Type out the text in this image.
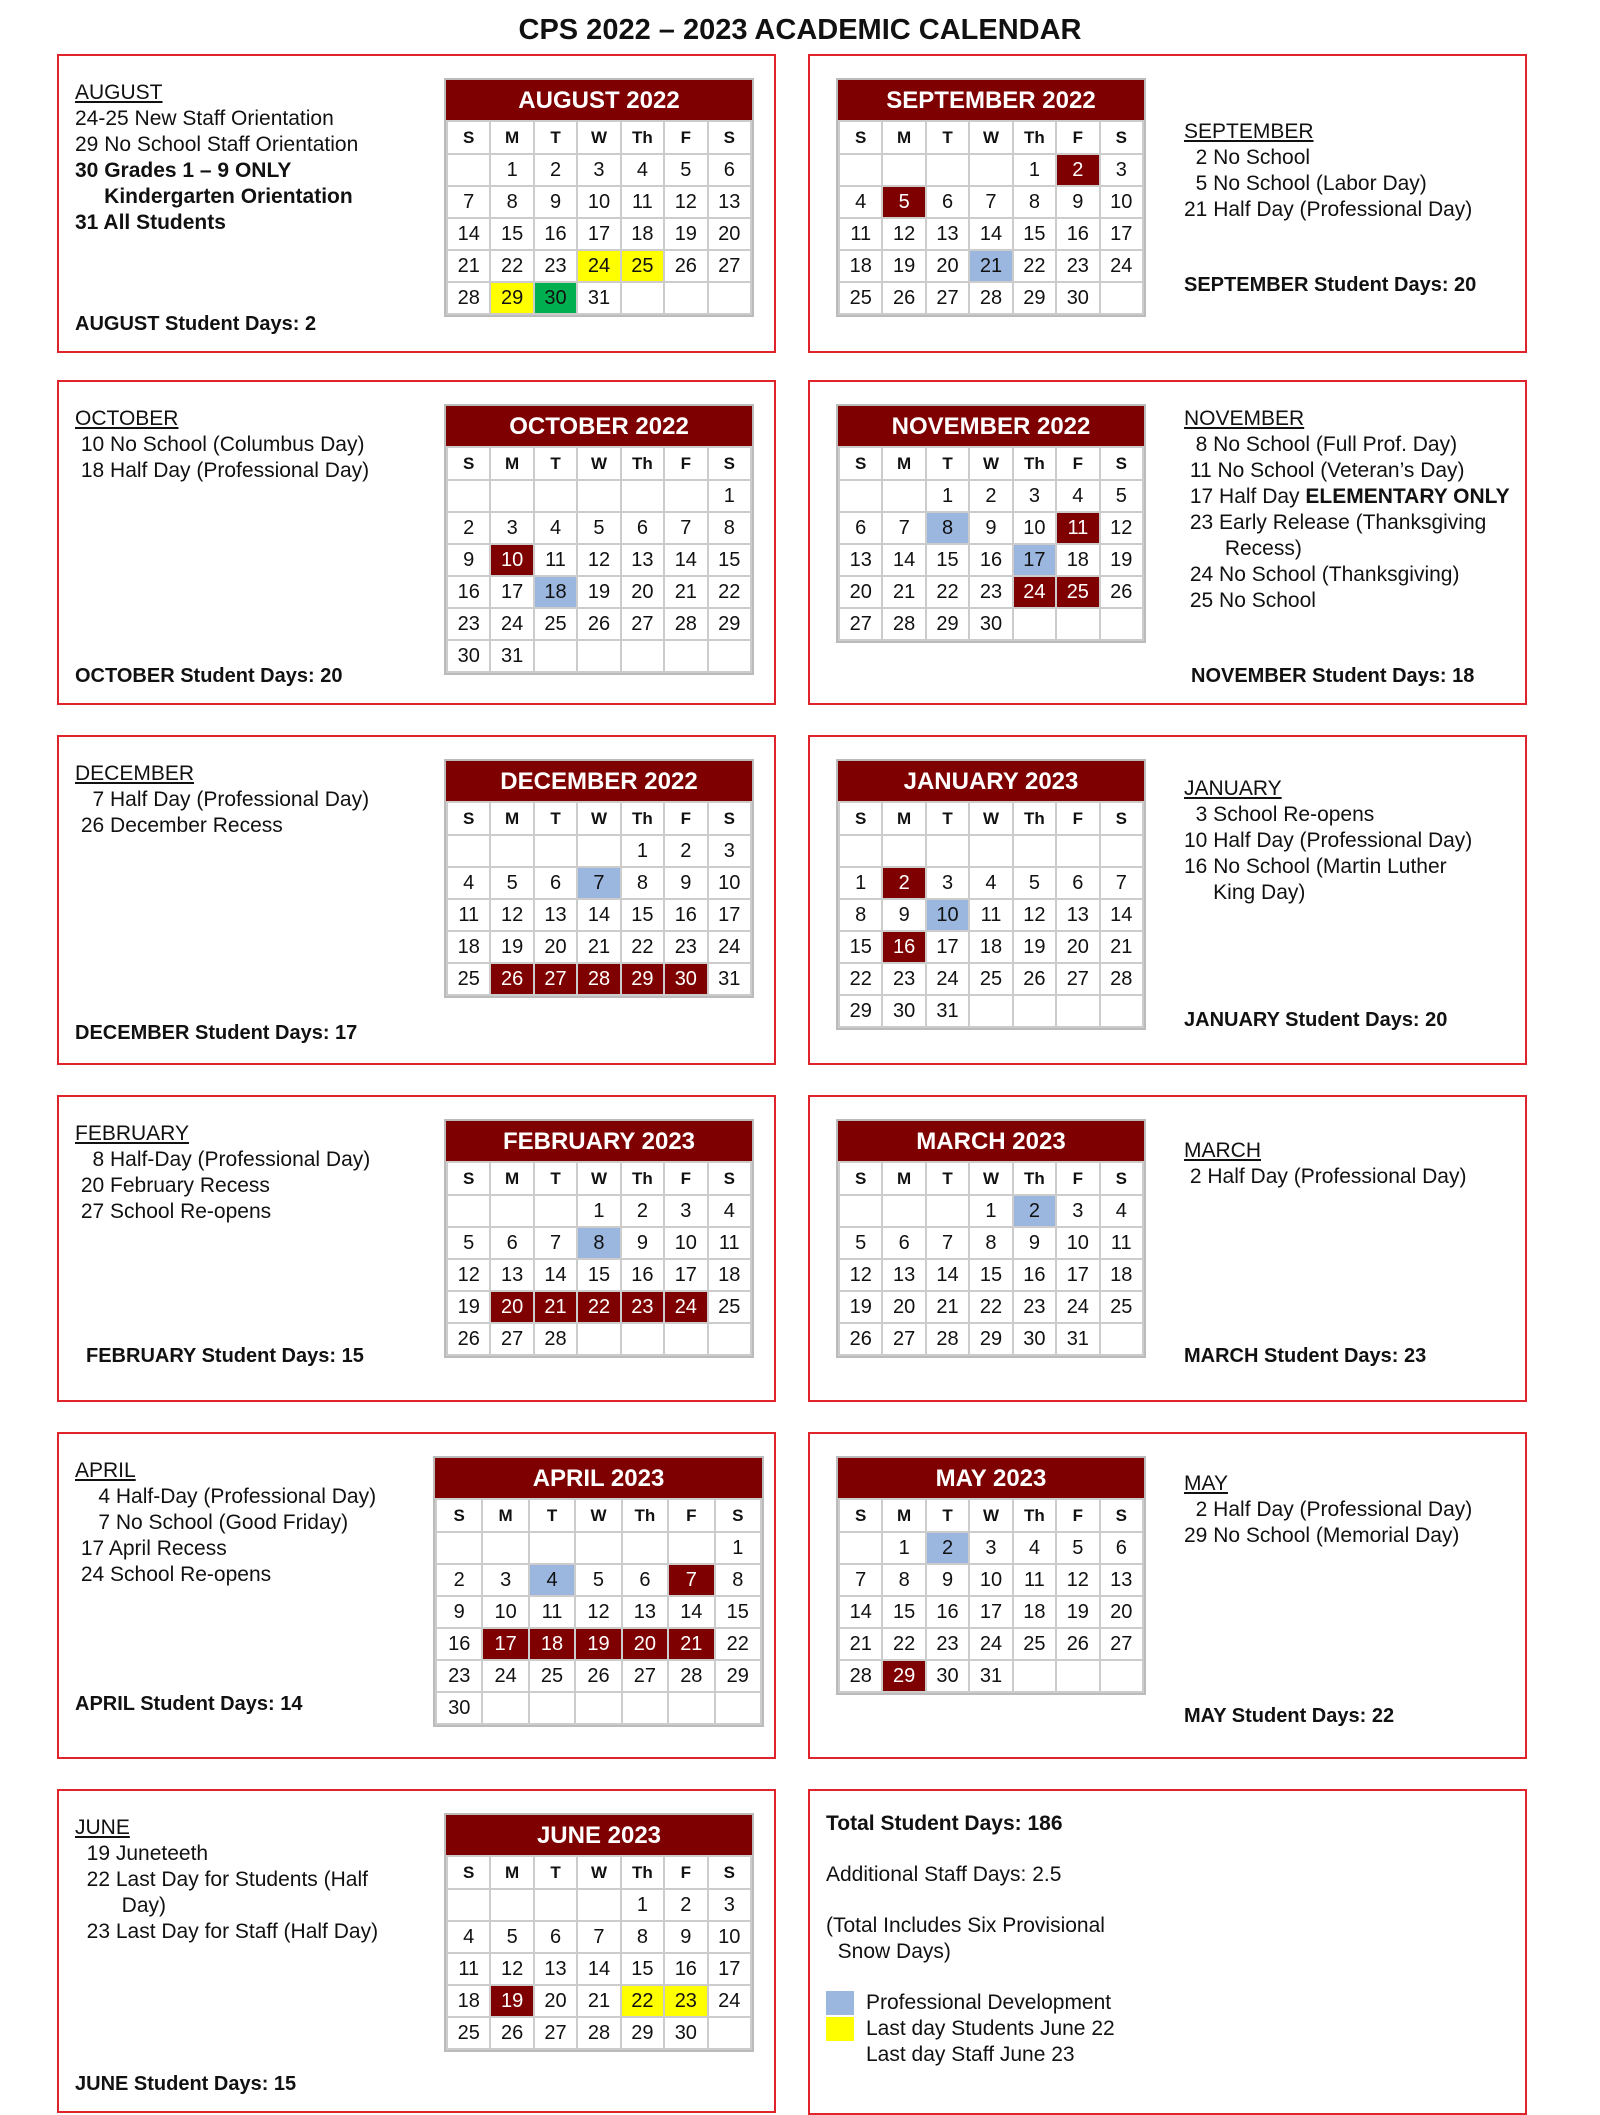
CPS 2022 – 2023 ACADEMIC CALENDAR
AUGUST
24-25 New Staff Orientation
29 No School Staff Orientation
30 Grades 1 – 9 ONLY
Kindergarten Orientation
31 All Students
AUGUST Student Days: 2
AUGUST 2022
S	M	T	W	Th	F	S
	1	2	3	4	5	6
7	8	9	10	11	12	13
14	15	16	17	18	19	20
21	22	23	24	25	26	27
28	29	30	31			
SEPTEMBER
2 No School
5 No School (Labor Day)
21 Half Day (Professional Day)
SEPTEMBER Student Days: 20
SEPTEMBER 2022
S	M	T	W	Th	F	S
				1	2	3
4	5	6	7	8	9	10
11	12	13	14	15	16	17
18	19	20	21	22	23	24
25	26	27	28	29	30	
OCTOBER
10 No School (Columbus Day)
18 Half Day (Professional Day)
OCTOBER Student Days: 20
OCTOBER 2022
S	M	T	W	Th	F	S
						1
2	3	4	5	6	7	8
9	10	11	12	13	14	15
16	17	18	19	20	21	22
23	24	25	26	27	28	29
30	31					
NOVEMBER
8 No School (Full Prof. Day)
11 No School (Veteran’s Day)
17 Half Day ELEMENTARY ONLY
23 Early Release (Thanksgiving
Recess)
24 No School (Thanksgiving)
25 No School
NOVEMBER Student Days: 18
NOVEMBER 2022
S	M	T	W	Th	F	S
		1	2	3	4	5
6	7	8	9	10	11	12
13	14	15	16	17	18	19
20	21	22	23	24	25	26
27	28	29	30			
DECEMBER
7 Half Day (Professional Day)
26 December Recess
DECEMBER Student Days: 17
DECEMBER 2022
S	M	T	W	Th	F	S
				1	2	3
4	5	6	7	8	9	10
11	12	13	14	15	16	17
18	19	20	21	22	23	24
25	26	27	28	29	30	31
JANUARY
3 School Re-opens
10 Half Day (Professional Day)
16 No School (Martin Luther
King Day)
JANUARY Student Days: 20
JANUARY 2023
S	M	T	W	Th	F	S

1	2	3	4	5	6	7
8	9	10	11	12	13	14
15	16	17	18	19	20	21
22	23	24	25	26	27	28
29	30	31				
FEBRUARY
8 Half-Day (Professional Day)
20 February Recess
27 School Re-opens
FEBRUARY Student Days: 15
FEBRUARY 2023
S	M	T	W	Th	F	S
			1	2	3	4
5	6	7	8	9	10	11
12	13	14	15	16	17	18
19	20	21	22	23	24	25
26	27	28				
MARCH
2 Half Day (Professional Day)
MARCH Student Days: 23
MARCH 2023
S	M	T	W	Th	F	S
			1	2	3	4
5	6	7	8	9	10	11
12	13	14	15	16	17	18
19	20	21	22	23	24	25
26	27	28	29	30	31	
APRIL
4 Half-Day (Professional Day)
7 No School (Good Friday)
17 April Recess
24 School Re-opens
APRIL Student Days: 14
APRIL 2023
S	M	T	W	Th	F	S
						1
2	3	4	5	6	7	8
9	10	11	12	13	14	15
16	17	18	19	20	21	22
23	24	25	26	27	28	29
30						
MAY
2 Half Day (Professional Day)
29 No School (Memorial Day)
MAY Student Days: 22
MAY 2023
S	M	T	W	Th	F	S
	1	2	3	4	5	6
7	8	9	10	11	12	13
14	15	16	17	18	19	20
21	22	23	24	25	26	27
28	29	30	31			
JUNE
19 Juneteeth
22 Last Day for Students (Half
Day)
23 Last Day for Staff (Half Day)
JUNE Student Days: 15
JUNE 2023
S	M	T	W	Th	F	S
				1	2	3
4	5	6	7	8	9	10
11	12	13	14	15	16	17
18	19	20	21	22	23	24
25	26	27	28	29	30	
Total Student Days: 186
Additional Staff Days: 2.5
(Total Includes Six Provisional
Snow Days)
Professional Development
Last day Students June 22
Last day Staff June 23
